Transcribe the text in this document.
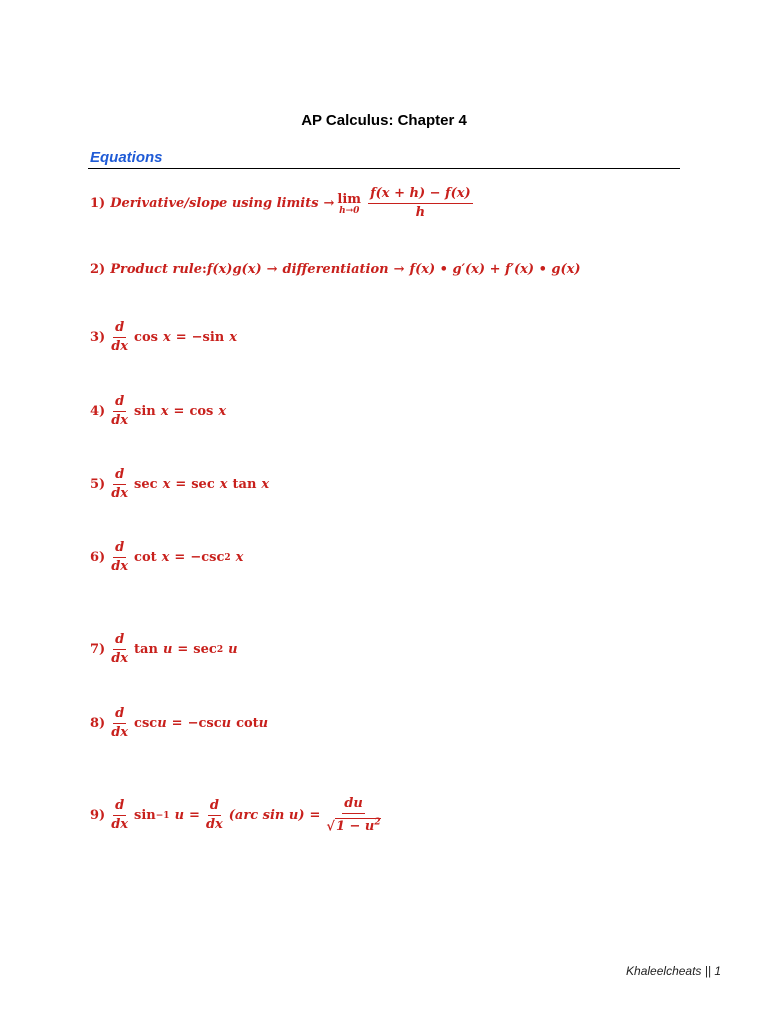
AP Calculus: Chapter 4
Equations
1) Derivative/slope using limits → lim
$h\to 0 \frac{f(x + h) - f(x)}{h}$
2) Product rule : f(x)g(x) → differentiation → f(x) • g′(x) + f′(x) • g(x)
$3) \frac{d}{dx}$ cos x = −sin x
$4) \frac{d}{dx}$ sin x = cos x
$5) \frac{d}{dx}$ sec x = sec x tan x
$6) \frac{d}{dx}$ cot x = −csc 2 x
$7) \frac{d}{dx}$ tan u = sec 2 u
$8) \frac{d}{dx}$ csc u = −csc u cot u
$9) \frac{d}{dx}$ sin −1 $u = \frac{d}{dx} (arc$ $\sin u) = \frac{du}{√1 - u^2}$
Khaleelcheats || 1
